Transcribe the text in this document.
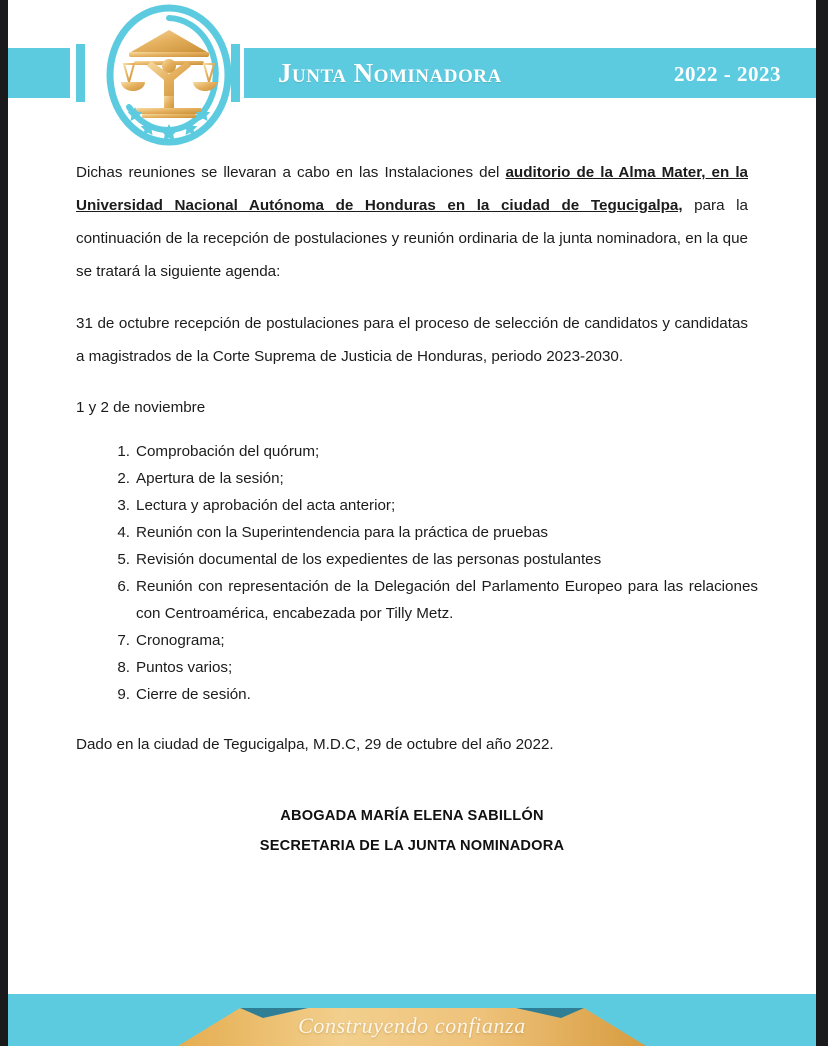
Junta Nominadora	2022 - 2023

Dichas reuniones se llevaran a cabo en las Instalaciones del auditorio de la Alma Mater, en la Universidad Nacional Autónoma de Honduras en la ciudad de Tegucigalpa, para la continuación de la recepción de postulaciones y reunión ordinaria de la junta nominadora, en la que se tratará la siguiente agenda:

31 de octubre recepción de postulaciones para el proceso de selección de candidatos y candidatas a magistrados de la Corte Suprema de Justicia de Honduras, periodo 2023-2030.

1 y 2 de noviembre

1. Comprobación del quórum;
2. Apertura de la sesión;
3. Lectura y aprobación del acta anterior;
4. Reunión con la Superintendencia para la práctica de pruebas
5. Revisión documental de los expedientes de las personas postulantes
6. Reunión con representación de la Delegación del Parlamento Europeo para las relaciones con Centroamérica, encabezada por Tilly Metz.
7. Cronograma;
8. Puntos varios;
9. Cierre de sesión.

Dado en la ciudad de Tegucigalpa, M.D.C, 29 de octubre del año 2022.

ABOGADA MARÍA ELENA SABILLÓN
SECRETARIA DE LA JUNTA NOMINADORA
Construyendo confianza
